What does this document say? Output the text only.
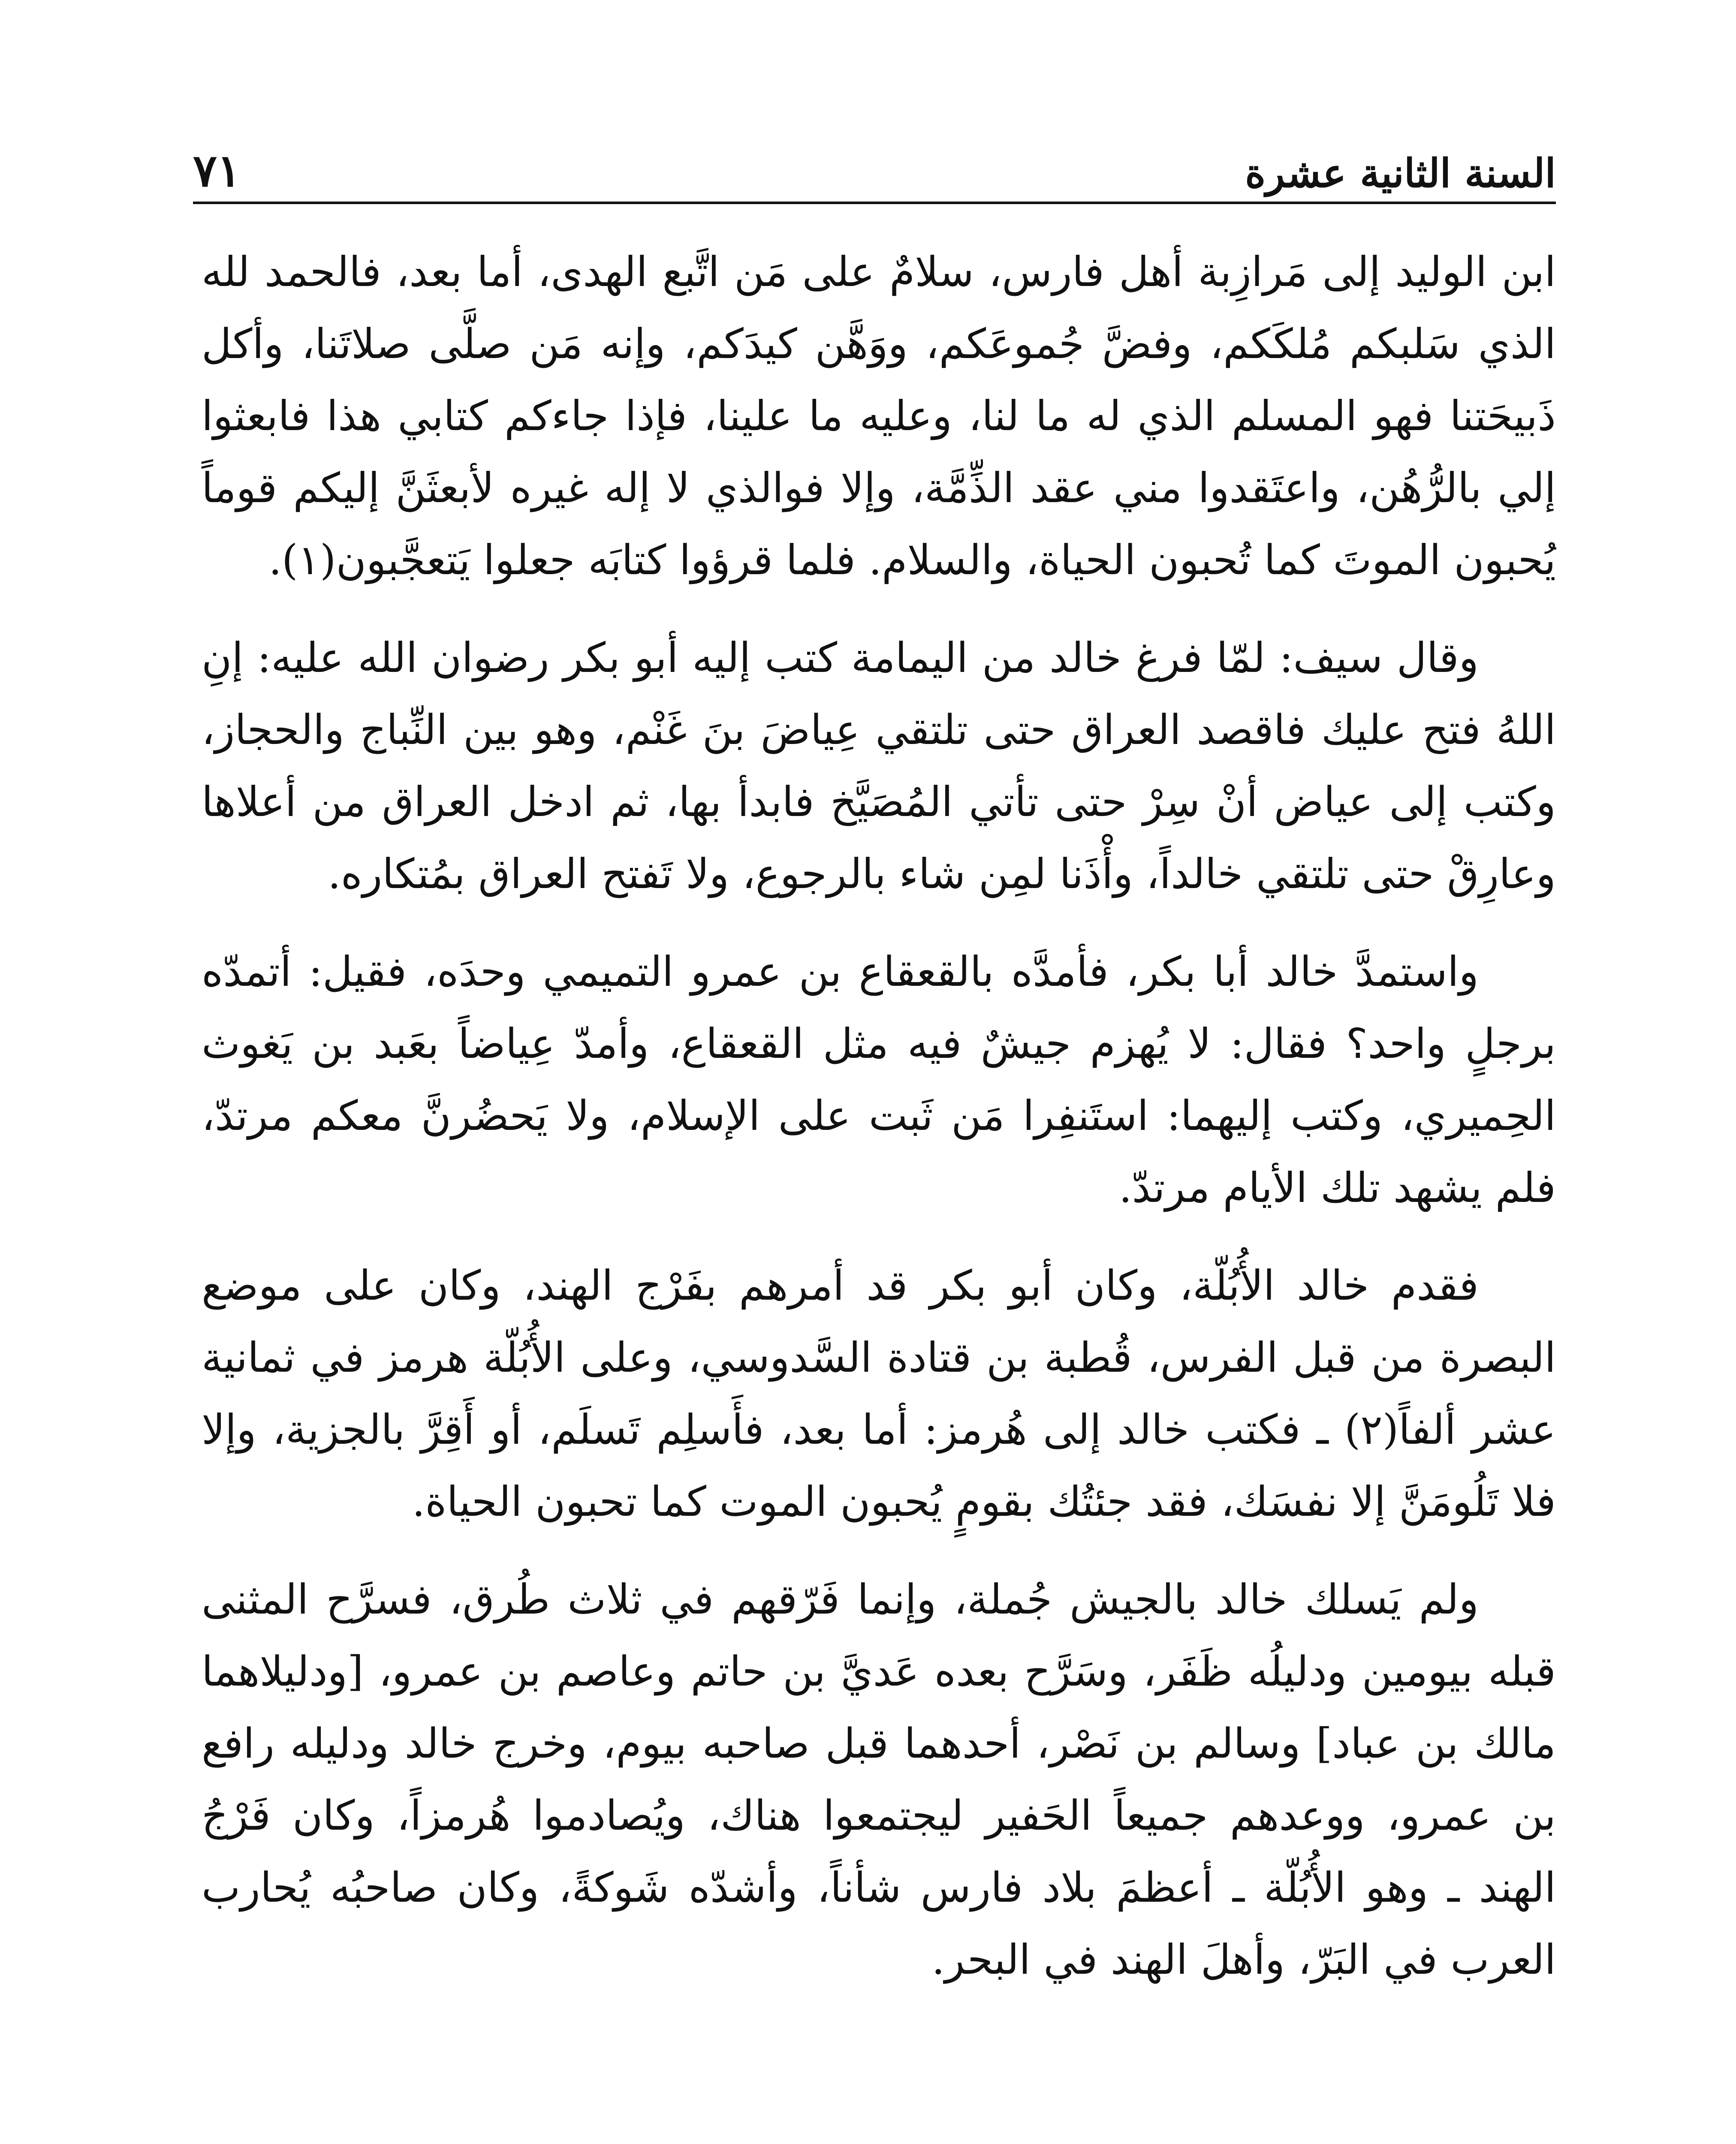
السنة الثانية عشرة
٧١

ابن الوليد إلى مَرازِبة أهل فارس، سلامٌ على مَن اتَّبع الهدى، أما بعد، فالحمد لله الذي سَلبكم مُلكَكم، وفضَّ جُموعَكم، ووَهَّن كيدَكم، وإنه مَن صلَّى صلاتَنا، وأكل ذَبيحَتنا فهو المسلم الذي له ما لنا، وعليه ما علينا، فإذا جاءكم كتابي هذا فابعثوا إلي بالرُّهُن، واعتَقدوا مني عقد الذِّمَّة، وإلا فوالذي لا إله غيره لأبعثَنَّ إليكم قوماً يُحبون الموتَ كما تُحبون الحياة، والسلام. فلما قرؤوا كتابَه جعلوا يَتعجَّبون(١).

وقال سيف: لمّا فرغ خالد من اليمامة كتب إليه أبو بكر رضوان الله عليه: إنِ اللهُ فتح عليك فاقصد العراق حتى تلتقي عِياضَ بنَ غَنْم، وهو بين النِّباج والحجاز، وكتب إلى عياض أنْ سِرْ حتى تأتي المُصَيَّخ فابدأ بها، ثم ادخل العراق من أعلاها وعارِقْ حتى تلتقي خالداً، وأْذَنا لمِن شاء بالرجوع، ولا تَفتح العراق بمُتكاره.

واستمدَّ خالد أبا بكر، فأمدَّه بالقعقاع بن عمرو التميمي وحدَه، فقيل: أتمدّه برجلٍ واحد؟ فقال: لا يُهزم جيشٌ فيه مثل القعقاع، وأمدّ عِياضاً بعَبد بن يَغوث الحِميري، وكتب إليهما: استَنفِرا مَن ثَبت على الإسلام، ولا يَحضُرنَّ معكم مرتدّ، فلم يشهد تلك الأيام مرتدّ.

فقدم خالد الأُبُلّة، وكان أبو بكر قد أمرهم بفَرْج الهند، وكان على موضع البصرة من قبل الفرس، قُطبة بن قتادة السَّدوسي، وعلى الأُبُلّة هرمز في ثمانية عشر ألفاً(٢) ـ فكتب خالد إلى هُرمز: أما بعد، فأَسلِم تَسلَم، أو أَقِرَّ بالجزية، وإلا فلا تَلُومَنَّ إلا نفسَك، فقد جئتُك بقومٍ يُحبون الموت كما تحبون الحياة.

ولم يَسلك خالد بالجيش جُملة، وإنما فَرّقهم في ثلاث طُرق، فسرَّح المثنى قبله بيومين ودليلُه ظَفَر، وسَرَّح بعده عَديَّ بن حاتم وعاصم بن عمرو، [ودليلاهما مالك بن عباد] وسالم بن نَصْر، أحدهما قبل صاحبه بيوم، وخرج خالد ودليله رافع بن عمرو، ووعدهم جميعاً الحَفير ليجتمعوا هناك، ويُصادموا هُرمزاً، وكان فَرْجُ الهند ـ وهو الأُبُلّة ـ أعظمَ بلاد فارس شأناً، وأشدّه شَوكةً، وكان صاحبُه يُحارب العرب في البَرّ، وأهلَ الهند في البحر.
